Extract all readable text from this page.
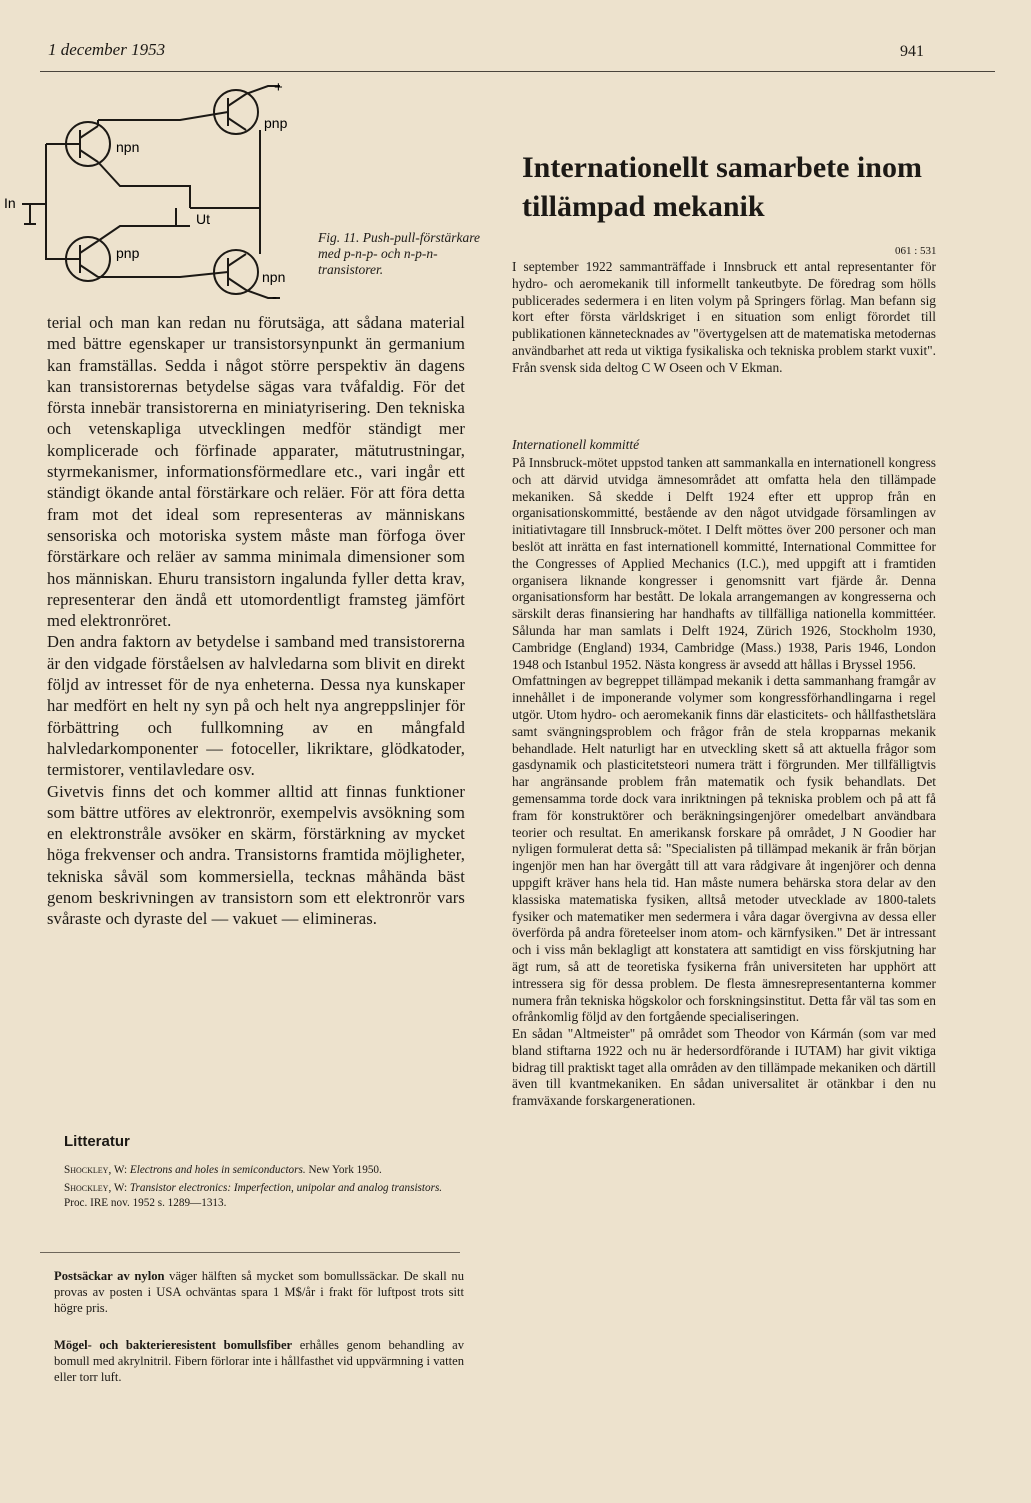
1 december 1953	941
+
-
pnp
npn
pnp
npn
In
Ut
Fig. 11. Push-pull-förstärkare med p-n-p- och n-p-n-transistorer.

terial och man kan redan nu förutsäga, att sådana material med bättre egenskaper ur transistorsynpunkt än germanium kan framställas. Sedda i något större perspektiv än dagens kan transistorernas betydelse sägas vara tvåfaldig. För det första innebär transistorerna en miniatyrisering. Den tekniska och vetenskapliga utvecklingen medför ständigt mer komplicerade och förfinade apparater, mätutrustningar, styrmekanismer, informationsförmedlare etc., vari ingår ett ständigt ökande antal förstärkare och reläer. För att föra detta fram mot det ideal som representeras av människans sensoriska och motoriska system måste man förfoga över förstärkare och reläer av samma minimala dimensioner som hos människan. Ehuru transistorn ingalunda fyller detta krav, representerar den ändå ett utomordentligt framsteg jämfört med elektronröret.

Den andra faktorn av betydelse i samband med transistorerna är den vidgade förståelsen av halvledarna som blivit en direkt följd av intresset för de nya enheterna. Dessa nya kunskaper har medfört en helt ny syn på och helt nya angreppslinjer för förbättring och fullkomning av en mångfald halvledarkomponenter — fotoceller, likriktare, glödkatoder, termistorer, ventilavledare osv.

Givetvis finns det och kommer alltid att finnas funktioner som bättre utföres av elektronrör, exempelvis avsökning som en elektronstråle avsöker en skärm, förstärkning av mycket höga frekvenser och andra. Transistorns framtida möjligheter, tekniska såväl som kommersiella, tecknas måhända bäst genom beskrivningen av transistorn som ett elektronrör vars svåraste och dyraste del — vakuet — elimineras.

Litteratur

Shockley, W: Electrons and holes in semiconductors. New York 1950.

Shockley, W: Transistor electronics: Imperfection, unipolar and analog transistors. Proc. IRE nov. 1952 s. 1289—1313.

Postsäckar av nylon väger hälften så mycket som bomullssäckar. De skall nu provas av posten i USA ochväntas spara 1 M$/år i frakt för luftpost trots sitt högre pris.
Mögel- och bakterieresistent bomullsfiber erhålles genom behandling av bomull med akrylnitril. Fibern förlorar inte i hållfasthet vid uppvärmning i vatten eller torr luft.
Internationellt samarbete inom tillämpad mekanik
061 : 531

I september 1922 sammanträffade i Innsbruck ett antal representanter för hydro- och aeromekanik till informellt tankeutbyte. De föredrag som hölls publicerades sedermera i en liten volym på Springers förlag. Man befann sig kort efter första världskriget i en situation som enligt förordet till publikationen kännetecknades av "övertygelsen att de matematiska metodernas användbarhet att reda ut viktiga fysikaliska och tekniska problem starkt vuxit". Från svensk sida deltog C W Oseen och V Ekman.

Internationell kommitté

På Innsbruck-mötet uppstod tanken att sammankalla en internationell kongress och att därvid utvidga ämnesområdet att omfatta hela den tillämpade mekaniken. Så skedde i Delft 1924 efter ett upprop från en organisationskommitté, bestående av den något utvidgade församlingen av initiativtagare till Innsbruck-mötet. I Delft möttes över 200 personer och man beslöt att inrätta en fast internationell kommitté, International Committee for the Congresses of Applied Mechanics (I.C.), med uppgift att i framtiden organisera liknande kongresser i genomsnitt vart fjärde år. Denna organisationsform har bestått. De lokala arrangemangen av kongresserna och särskilt deras finansiering har handhafts av tillfälliga nationella kommittéer. Sålunda har man samlats i Delft 1924, Zürich 1926, Stockholm 1930, Cambridge (England) 1934, Cambridge (Mass.) 1938, Paris 1946, London 1948 och Istanbul 1952. Nästa kongress är avsedd att hållas i Bryssel 1956.

Omfattningen av begreppet tillämpad mekanik i detta sammanhang framgår av innehållet i de imponerande volymer som kongressförhandlingarna i regel utgör. Utom hydro- och aeromekanik finns där elasticitets- och hållfasthetslära samt svängningsproblem och frågor från de stela kropparnas mekanik behandlade. Helt naturligt har en utveckling skett så att aktuella frågor som gasdynamik och plasticitetsteori numera trätt i förgrunden. Mer tillfälligtvis har angränsande problem från matematik och fysik behandlats. Det gemensamma torde dock vara inriktningen på tekniska problem och på att få fram för konstruktörer och beräkningsingenjörer omedelbart användbara teorier och resultat. En amerikansk forskare på området, J N Goodier har nyligen formulerat detta så: "Specialisten på tillämpad mekanik är från början ingenjör men han har övergått till att vara rådgivare åt ingenjörer och denna uppgift kräver hans hela tid. Han måste numera behärska stora delar av den klassiska matematiska fysiken, alltså metoder utvecklade av 1800-talets fysiker och matematiker men sedermera i våra dagar övergivna av dessa eller överförda på andra företeelser inom atom- och kärnfysiken." Det är intressant och i viss mån beklagligt att konstatera att samtidigt en viss förskjutning har ägt rum, så att de teoretiska fysikerna från universiteten har upphört att intressera sig för dessa problem. De flesta ämnesrepresentanterna kommer numera från tekniska högskolor och forskningsinstitut. Detta får väl tas som en ofrånkomlig följd av den fortgående specialiseringen.

En sådan "Altmeister" på området som Theodor von Kármán (som var med bland stiftarna 1922 och nu är hedersordförande i IUTAM) har givit viktiga bidrag till praktiskt taget alla områden av den tillämpade mekaniken och därtill även till kvantmekaniken. En sådan universalitet är otänkbar i den nu framväxande forskargenerationen.
